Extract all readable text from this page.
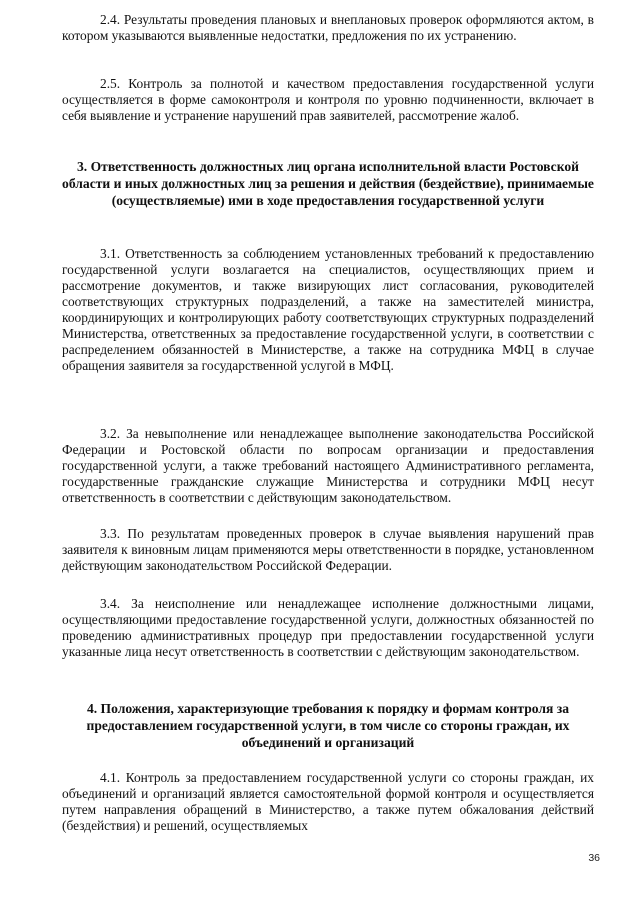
2.4. Результаты проведения плановых и внеплановых проверок оформляются актом, в котором указываются выявленные недостатки, предложения по их устранению.

2.5. Контроль за полнотой и качеством предоставления государственной услуги осуществляется в форме самоконтроля и контроля по уровню подчиненности, включает в себя выявление и устранение нарушений прав заявителей, рассмотрение жалоб.

3. Ответственность должностных лиц органа исполнительной власти Ростовской области и иных должностных лиц за решения и действия (бездействие), принимаемые (осуществляемые) ими в ходе предоставления государственной услуги

3.1. Ответственность за соблюдением установленных требований к предоставлению государственной услуги возлагается на специалистов, осуществляющих прием и рассмотрение документов, и также визирующих лист согласования, руководителей соответствующих структурных подразделений, а также на заместителей министра, координирующих и контролирующих работу соответствующих структурных подразделений Министерства, ответственных за предоставление государственной услуги, в соответствии с распределением обязанностей в Министерстве, а также на сотрудника МФЦ в случае обращения заявителя за государственной услугой в МФЦ.

3.2. За невыполнение или ненадлежащее выполнение законодательства Российской Федерации и Ростовской области по вопросам организации и предоставления государственной услуги, а также требований настоящего Административного регламента, государственные гражданские служащие Министерства и сотрудники МФЦ несут ответственность в соответствии с действующим законодательством.

3.3. По результатам проведенных проверок в случае выявления нарушений прав заявителя к виновным лицам применяются меры ответственности в порядке, установленном действующим законодательством Российской Федерации.

3.4. За неисполнение или ненадлежащее исполнение должностными лицами, осуществляющими предоставление государственной услуги, должностных обязанностей по проведению административных процедур при предоставлении государственной услуги указанные лица несут ответственность в соответствии с действующим законодательством.

4. Положения, характеризующие требования к порядку и формам контроля за предоставлением государственной услуги, в том числе со стороны граждан, их объединений и организаций

4.1. Контроль за предоставлением государственной услуги со стороны граждан, их объединений и организаций является самостоятельной формой контроля и осуществляется путем направления обращений в Министерство, а также путем обжалования действий (бездействия) и решений, осуществляемых

36
